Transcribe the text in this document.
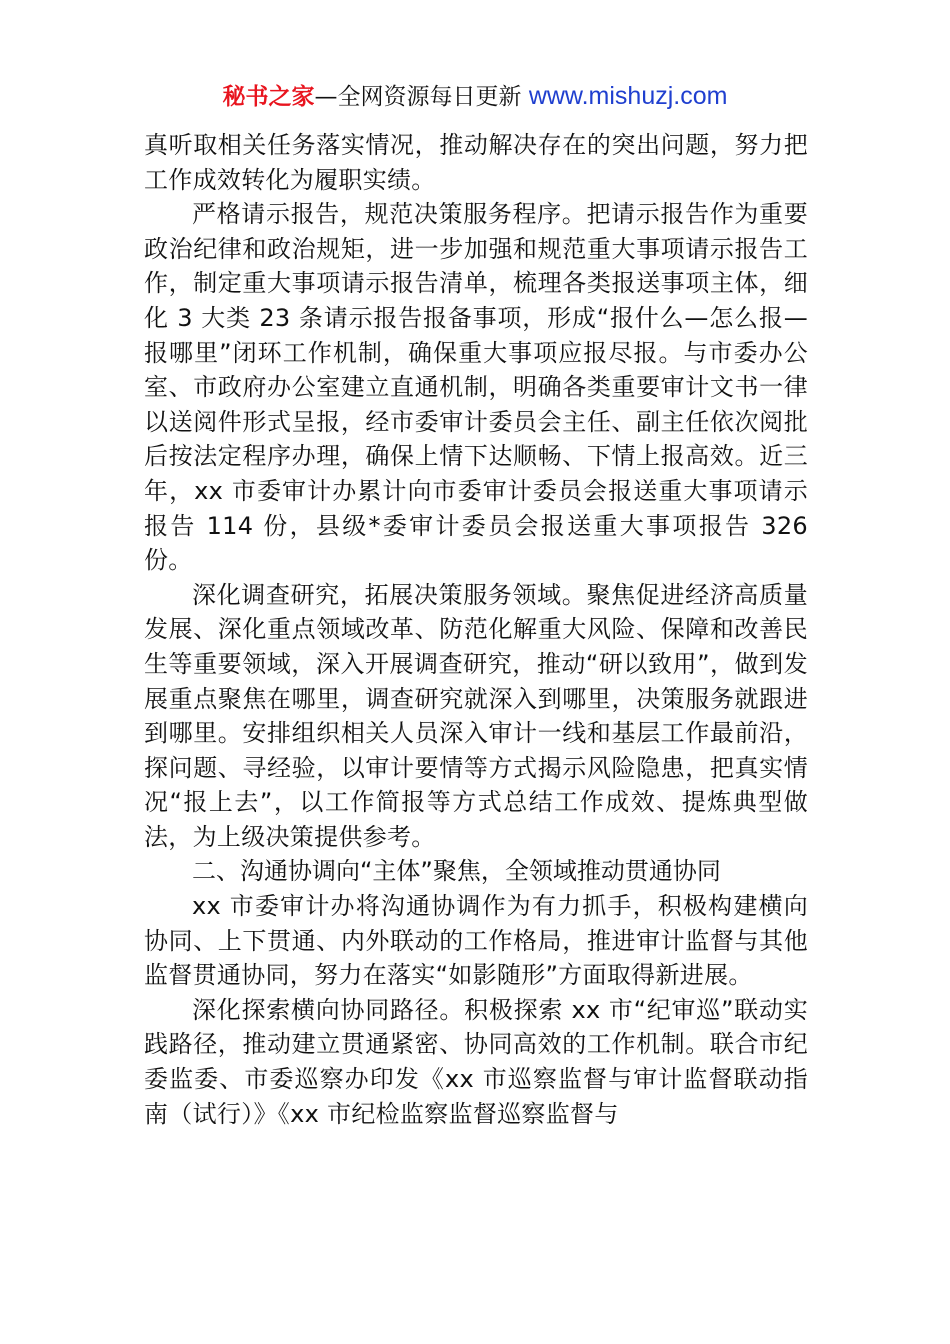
秘书之家—全网资源每日更新 www.mishuzj.com

真听取相关任务落实情况，推动解决存在的突出问题，努力把工作成效转化为履职实绩。

严格请示报告，规范决策服务程序。把请示报告作为重要政治纪律和政治规矩，进一步加强和规范重大事项请示报告工作，制定重大事项请示报告清单，梳理各类报送事项主体，细化 3 大类 23 条请示报告报备事项，形成“报什么—怎么报—报哪里”闭环工作机制，确保重大事项应报尽报。与市委办公室、市政府办公室建立直通机制，明确各类重要审计文书一律以送阅件形式呈报，经市委审计委员会主任、副主任依次阅批后按法定程序办理，确保上情下达顺畅、下情上报高效。近三年，xx 市委审计办累计向市委审计委员会报送重大事项请示报告 114 份，县级*委审计委员会报送重大事项报告 326 份。

深化调查研究，拓展决策服务领域。聚焦促进经济高质量发展、深化重点领域改革、防范化解重大风险、保障和改善民生等重要领域，深入开展调查研究，推动“研以致用”，做到发展重点聚焦在哪里，调查研究就深入到哪里，决策服务就跟进到哪里。安排组织相关人员深入审计一线和基层工作最前沿，探问题、寻经验，以审计要情等方式揭示风险隐患，把真实情况“报上去”，以工作简报等方式总结工作成效、提炼典型做法，为上级决策提供参考。

二、沟通协调向“主体”聚焦，全领域推动贯通协同

xx 市委审计办将沟通协调作为有力抓手，积极构建横向协同、上下贯通、内外联动的工作格局，推进审计监督与其他监督贯通协同，努力在落实“如影随形”方面取得新进展。

深化探索横向协同路径。积极探索 xx 市“纪审巡”联动实践路径，推动建立贯通紧密、协同高效的工作机制。联合市纪委监委、市委巡察办印发《xx 市巡察监督与审计监督联动指南（试行）》《xx 市纪检监察监督巡察监督与
